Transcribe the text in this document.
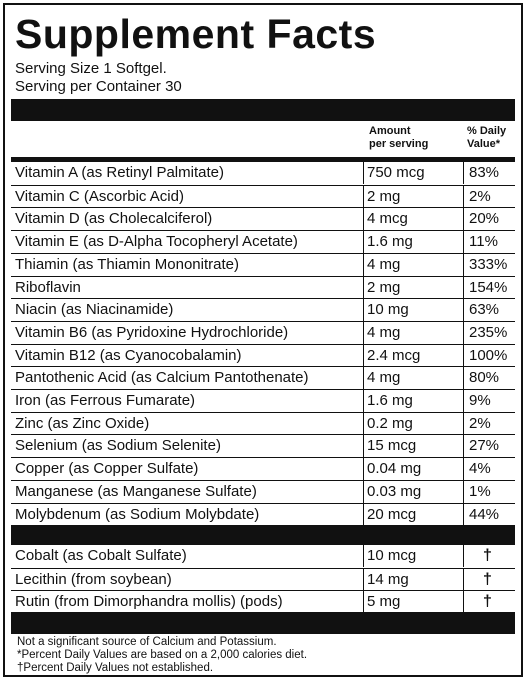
Supplement Facts
Serving Size 1 Softgel.
Serving per Container 30
Amount
per serving
% Daily
Value*
Vitamin A (as Retinyl Palmitate)	750 mcg	83%
Vitamin C (Ascorbic Acid)	2 mg	2%
Vitamin D (as Cholecalciferol)	4 mcg	20%
Vitamin E (as D-Alpha Tocopheryl Acetate)	1.6 mg	11%
Thiamin (as Thiamin Mononitrate)	4 mg	333%
Riboflavin	2 mg	154%
Niacin (as Niacinamide)	10 mg	63%
Vitamin B6 (as Pyridoxine Hydrochloride)	4 mg	235%
Vitamin B12 (as Cyanocobalamin)	2.4 mcg	100%
Pantothenic Acid (as Calcium Pantothenate)	4 mg	80%
Iron (as Ferrous Fumarate)	1.6 mg	9%
Zinc (as Zinc Oxide)	0.2 mg	2%
Selenium (as Sodium Selenite)	15 mcg	27%
Copper (as Copper Sulfate)	0.04 mg	4%
Manganese (as Manganese Sulfate)	0.03 mg	1%
Molybdenum (as Sodium Molybdate)	20 mcg	44%
Cobalt (as Cobalt Sulfate)	10 mcg	†
Lecithin (from soybean)	14 mg	†
Rutin (from Dimorphandra mollis) (pods)	5 mg	†
Not a significant source of Calcium and Potassium.
*Percent Daily Values are based on a 2,000 calories diet.
†Percent Daily Values not established.
